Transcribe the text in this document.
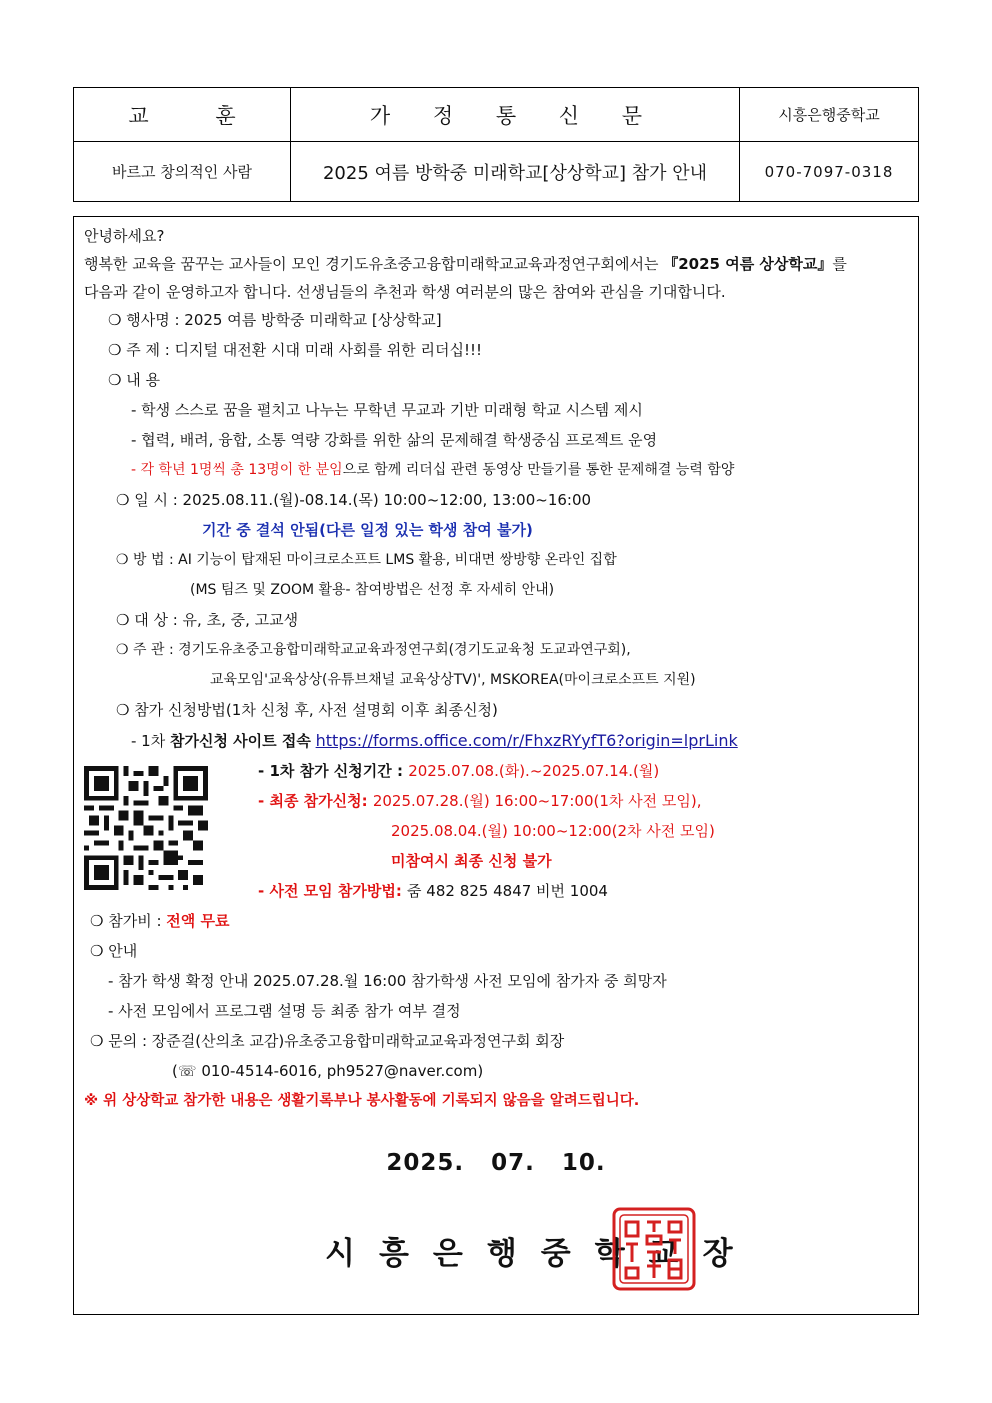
교 훈	가 정 통 신 문	시흥은행중학교
바르고 창의적인 사람	2025 여름 방학중 미래학교[상상학교] 참가 안내	070-7097-0318
안녕하세요?
행복한 교육을 꿈꾸는 교사들이 모인 경기도유초중고융합미래학교교육과정연구회에서는 『2025 여름 상상학교』를
다음과 같이 운영하고자 합니다. 선생님들의 추천과 학생 여러분의 많은 참여와 관심을 기대합니다.
❍ 행사명 : 2025 여름 방학중 미래학교 [상상학교]
❍ 주 제 : 디지털 대전환 시대 미래 사회를 위한 리더십!!!
❍ 내 용
- 학생 스스로 꿈을 펼치고 나누는 무학년 무교과 기반 미래형 학교 시스템 제시
- 협력, 배려, 융합, 소통 역량 강화를 위한 삶의 문제해결 학생중심 프로젝트 운영
- 각 학년 1명씩 총 13명이 한 분임으로 함께 리더십 관련 동영상 만들기를 통한 문제해결 능력 함양
❍ 일 시 : 2025.08.11.(월)-08.14.(목) 10:00~12:00, 13:00~16:00
기간 중 결석 안됨(다른 일정 있는 학생 참여 불가)
❍ 방 법 : AI 기능이 탑재된 마이크로소프트 LMS 활용, 비대면 쌍방향 온라인 집합
(MS 팀즈 및 ZOOM 활용- 참여방법은 선정 후 자세히 안내)
❍ 대 상 : 유, 초, 중, 고교생
❍ 주 관 : 경기도유초중고융합미래학교교육과정연구회(경기도교육청 도교과연구회),
교육모임'교육상상(유튜브채널 교육상상TV)', MSKOREA(마이크로소프트 지원)
❍ 참가 신청방법(1차 신청 후, 사전 설명회 이후 최종신청)
- 1차 참가신청 사이트 접속 https://forms.office.com/r/FhxzRYyfT6?origin=lprLink
- 1차 참가 신청기간 : 2025.07.08.(화).~2025.07.14.(월)
- 최종 참가신청: 2025.07.28.(월) 16:00~17:00(1차 사전 모임),
2025.08.04.(월) 10:00~12:00(2차 사전 모임)
미참여시 최종 신청 불가
- 사전 모임 참가방법: 줌 482 825 4847 비번 1004
❍ 참가비 : 전액 무료
❍ 안내
- 참가 학생 확정 안내 2025.07.28.월 16:00 참가학생 사전 모임에 참가자 중 희망자
- 사전 모임에서 프로그램 설명 등 최종 참가 여부 결정
❍ 문의 : 장준걸(산의초 교감)유초중고융합미래학교교육과정연구회 회장
(☏ 010-4514-6016, ph9527@naver.com)
※ 위 상상학교 참가한 내용은 생활기록부나 봉사활동에 기록되지 않음을 알려드립니다.
2025. 07. 10.
시흥은행중학교장
